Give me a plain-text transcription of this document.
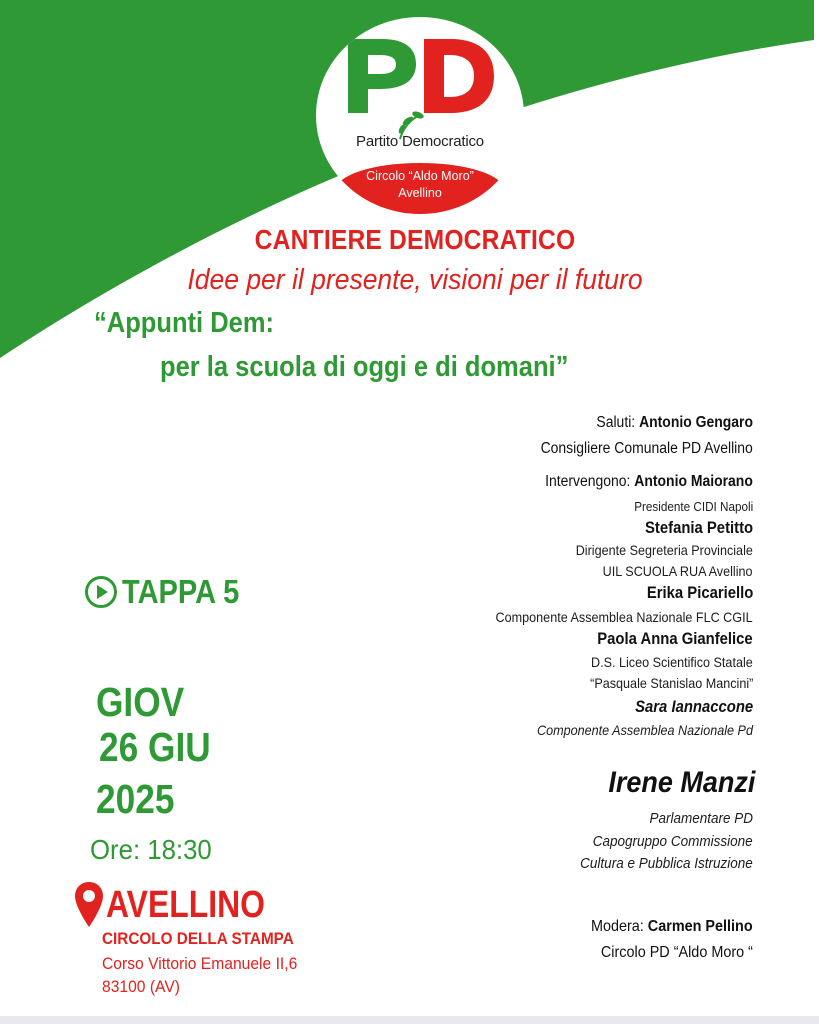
Partito Democratico
Circolo “Aldo Moro”
Avellino
CANTIERE DEMOCRATICO
Idee per il presente, visioni per il futuro
“Appunti Dem:
per la scuola di oggi e di domani”
Saluti: Antonio Gengaro
Consigliere Comunale PD Avellino
Intervengono: Antonio Maiorano
Presidente CIDI Napoli
Stefania Petitto
Dirigente Segreteria Provinciale
UIL SCUOLA RUA Avellino
Erika Picariello
Componente Assemblea Nazionale FLC CGIL
Paola Anna Gianfelice
D.S. Liceo Scientifico Statale
“Pasquale Stanislao Mancini”
Sara Iannaccone
Componente Assemblea Nazionale Pd
Irene Manzi
Parlamentare PD
Capogruppo Commissione
Cultura e Pubblica Istruzione
Modera: Carmen Pellino
Circolo PD “Aldo Moro “
TAPPA 5
GIOV
26 GIU
2025
Ore: 18:30
AVELLINO
CIRCOLO DELLA STAMPA
Corso Vittorio Emanuele II,6
83100 (AV)
